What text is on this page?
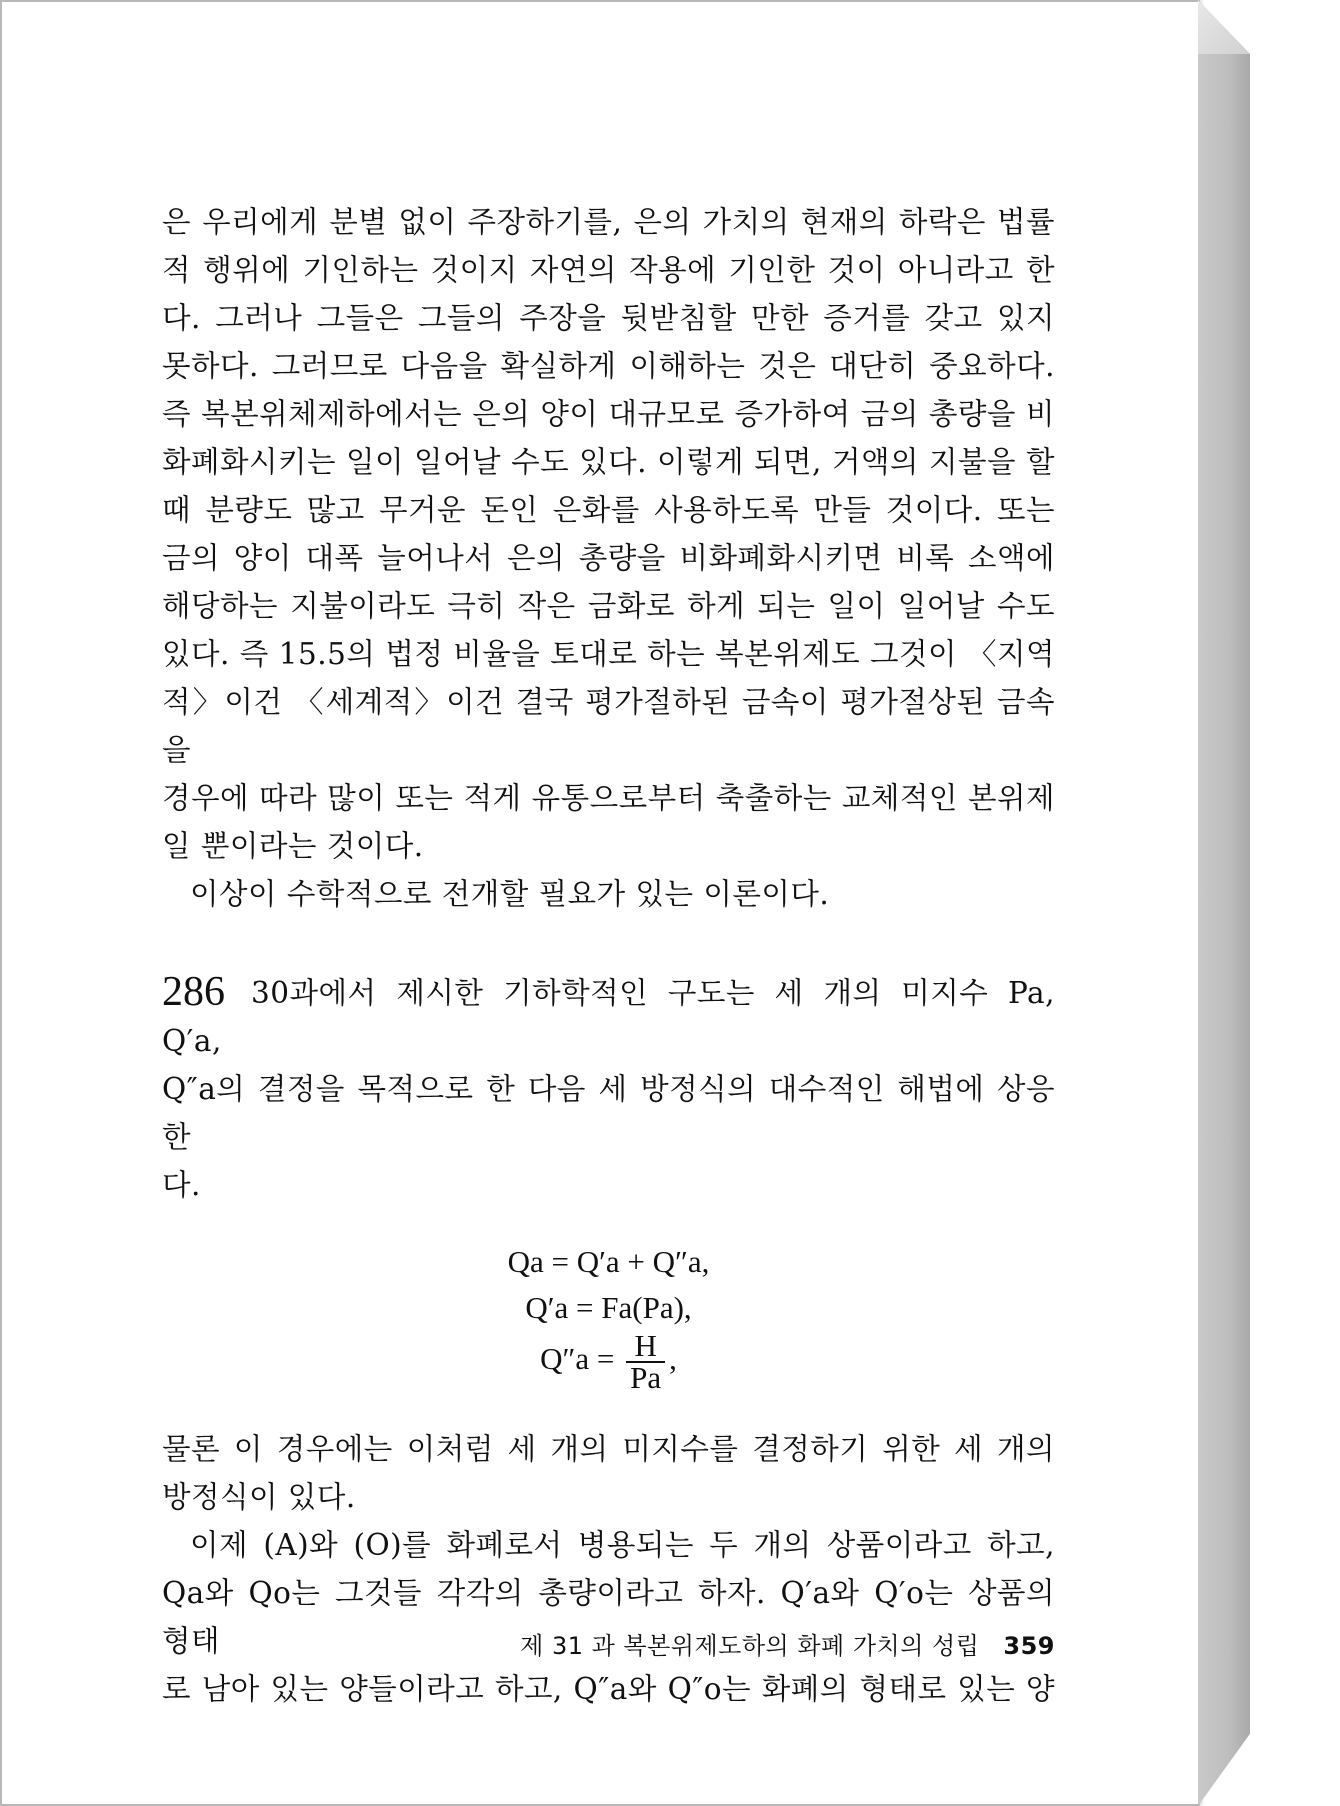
은 우리에게 분별 없이 주장하기를, 은의 가치의 현재의 하락은 법률
적 행위에 기인하는 것이지 자연의 작용에 기인한 것이 아니라고 한
다. 그러나 그들은 그들의 주장을 뒷받침할 만한 증거를 갖고 있지
못하다. 그러므로 다음을 확실하게 이해하는 것은 대단히 중요하다.
즉 복본위체제하에서는 은의 양이 대규모로 증가하여 금의 총량을 비
화폐화시키는 일이 일어날 수도 있다. 이렇게 되면, 거액의 지불을 할
때 분량도 많고 무거운 돈인 은화를 사용하도록 만들 것이다. 또는
금의 양이 대폭 늘어나서 은의 총량을 비화폐화시키면 비록 소액에
해당하는 지불이라도 극히 작은 금화로 하게 되는 일이 일어날 수도
있다. 즉 15.5의 법정 비율을 토대로 하는 복본위제도 그것이 〈지역
적〉이건 〈세계적〉이건 결국 평가절하된 금속이 평가절상된 금속을
경우에 따라 많이 또는 적게 유통으로부터 축출하는 교체적인 본위제
일 뿐이라는 것이다.

이상이 수학적으로 전개할 필요가 있는 이론이다.

286 30과에서 제시한 기하학적인 구도는 세 개의 미지수 Pa, Q′a,
Q″a의 결정을 목적으로 한 다음 세 방정식의 대수적인 해법에 상응한
다.

Qa = Q′a + Q″a,
Q′a = Fa(Pa),
$Q''a = \frac{H}{Pa}$ ,

물론 이 경우에는 이처럼 세 개의 미지수를 결정하기 위한 세 개의
방정식이 있다.

이제 (A)와 (O)를 화폐로서 병용되는 두 개의 상품이라고 하고,
Qa와 Qo는 그것들 각각의 총량이라고 하자. Q′a와 Q′o는 상품의 형태
로 남아 있는 양들이라고 하고, Q″a와 Q″o는 화폐의 형태로 있는 양

제 31 과 복본위제도하의 화폐 가치의 성립 359
